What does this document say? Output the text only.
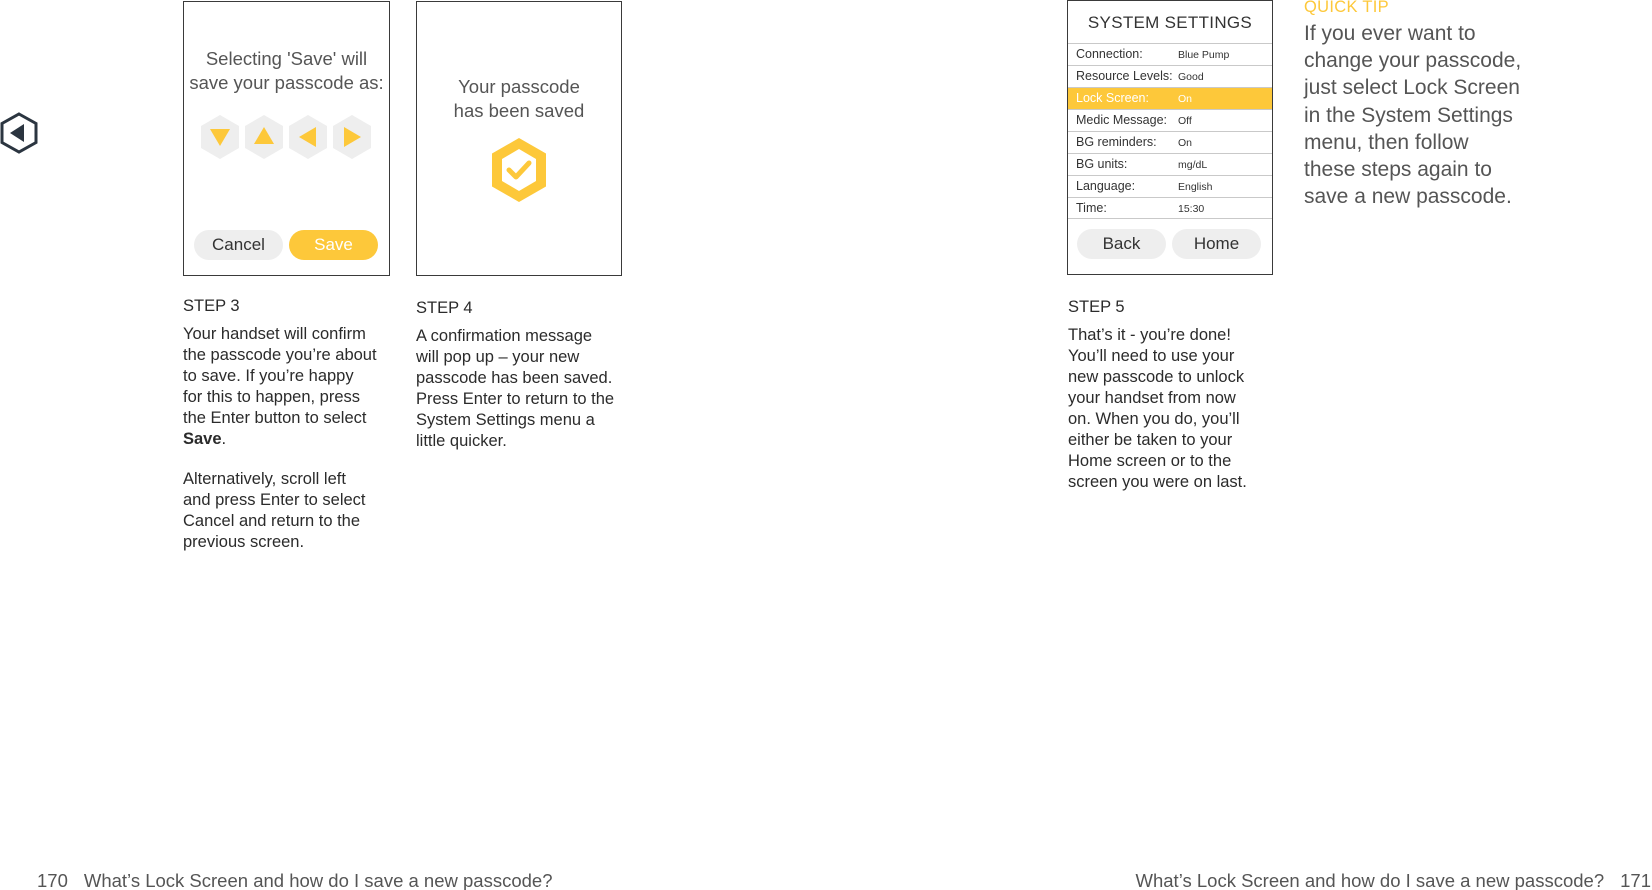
Selecting 'Save' will
save your passcode as:
Cancel	Save
Your passcode
has been saved
SYSTEM SETTINGS
Connection:	Blue Pump
Resource Levels: Good
Lock Screen:	On
Medic Message: Off
BG reminders: On
BG units:	mg/dL
Language:	English
Time:	15:30
Back	Home
STEP 3
Your handset will confirm
the passcode you’re about
to save. If you’re happy
for this to happen, press
the Enter button to select
Save.
Alternatively, scroll left
and press Enter to select
Cancel and return to the
previous screen.
STEP 4
A confirmation message
will pop up – your new
passcode has been saved.
Press Enter to return to the
System Settings menu a
little quicker.
STEP 5
That’s it - you’re done!
You’ll need to use your
new passcode to unlock
your handset from now
on. When you do, you’ll
either be taken to your
Home screen or to the
screen you were on last.
QUICK TIP
If you ever want to
change your passcode,
just select Lock Screen
in the System Settings
menu, then follow
these steps again to
save a new passcode.
170 What’s Lock Screen and how do I save a new passcode?	What’s Lock Screen and how do I save a new passcode? 171
